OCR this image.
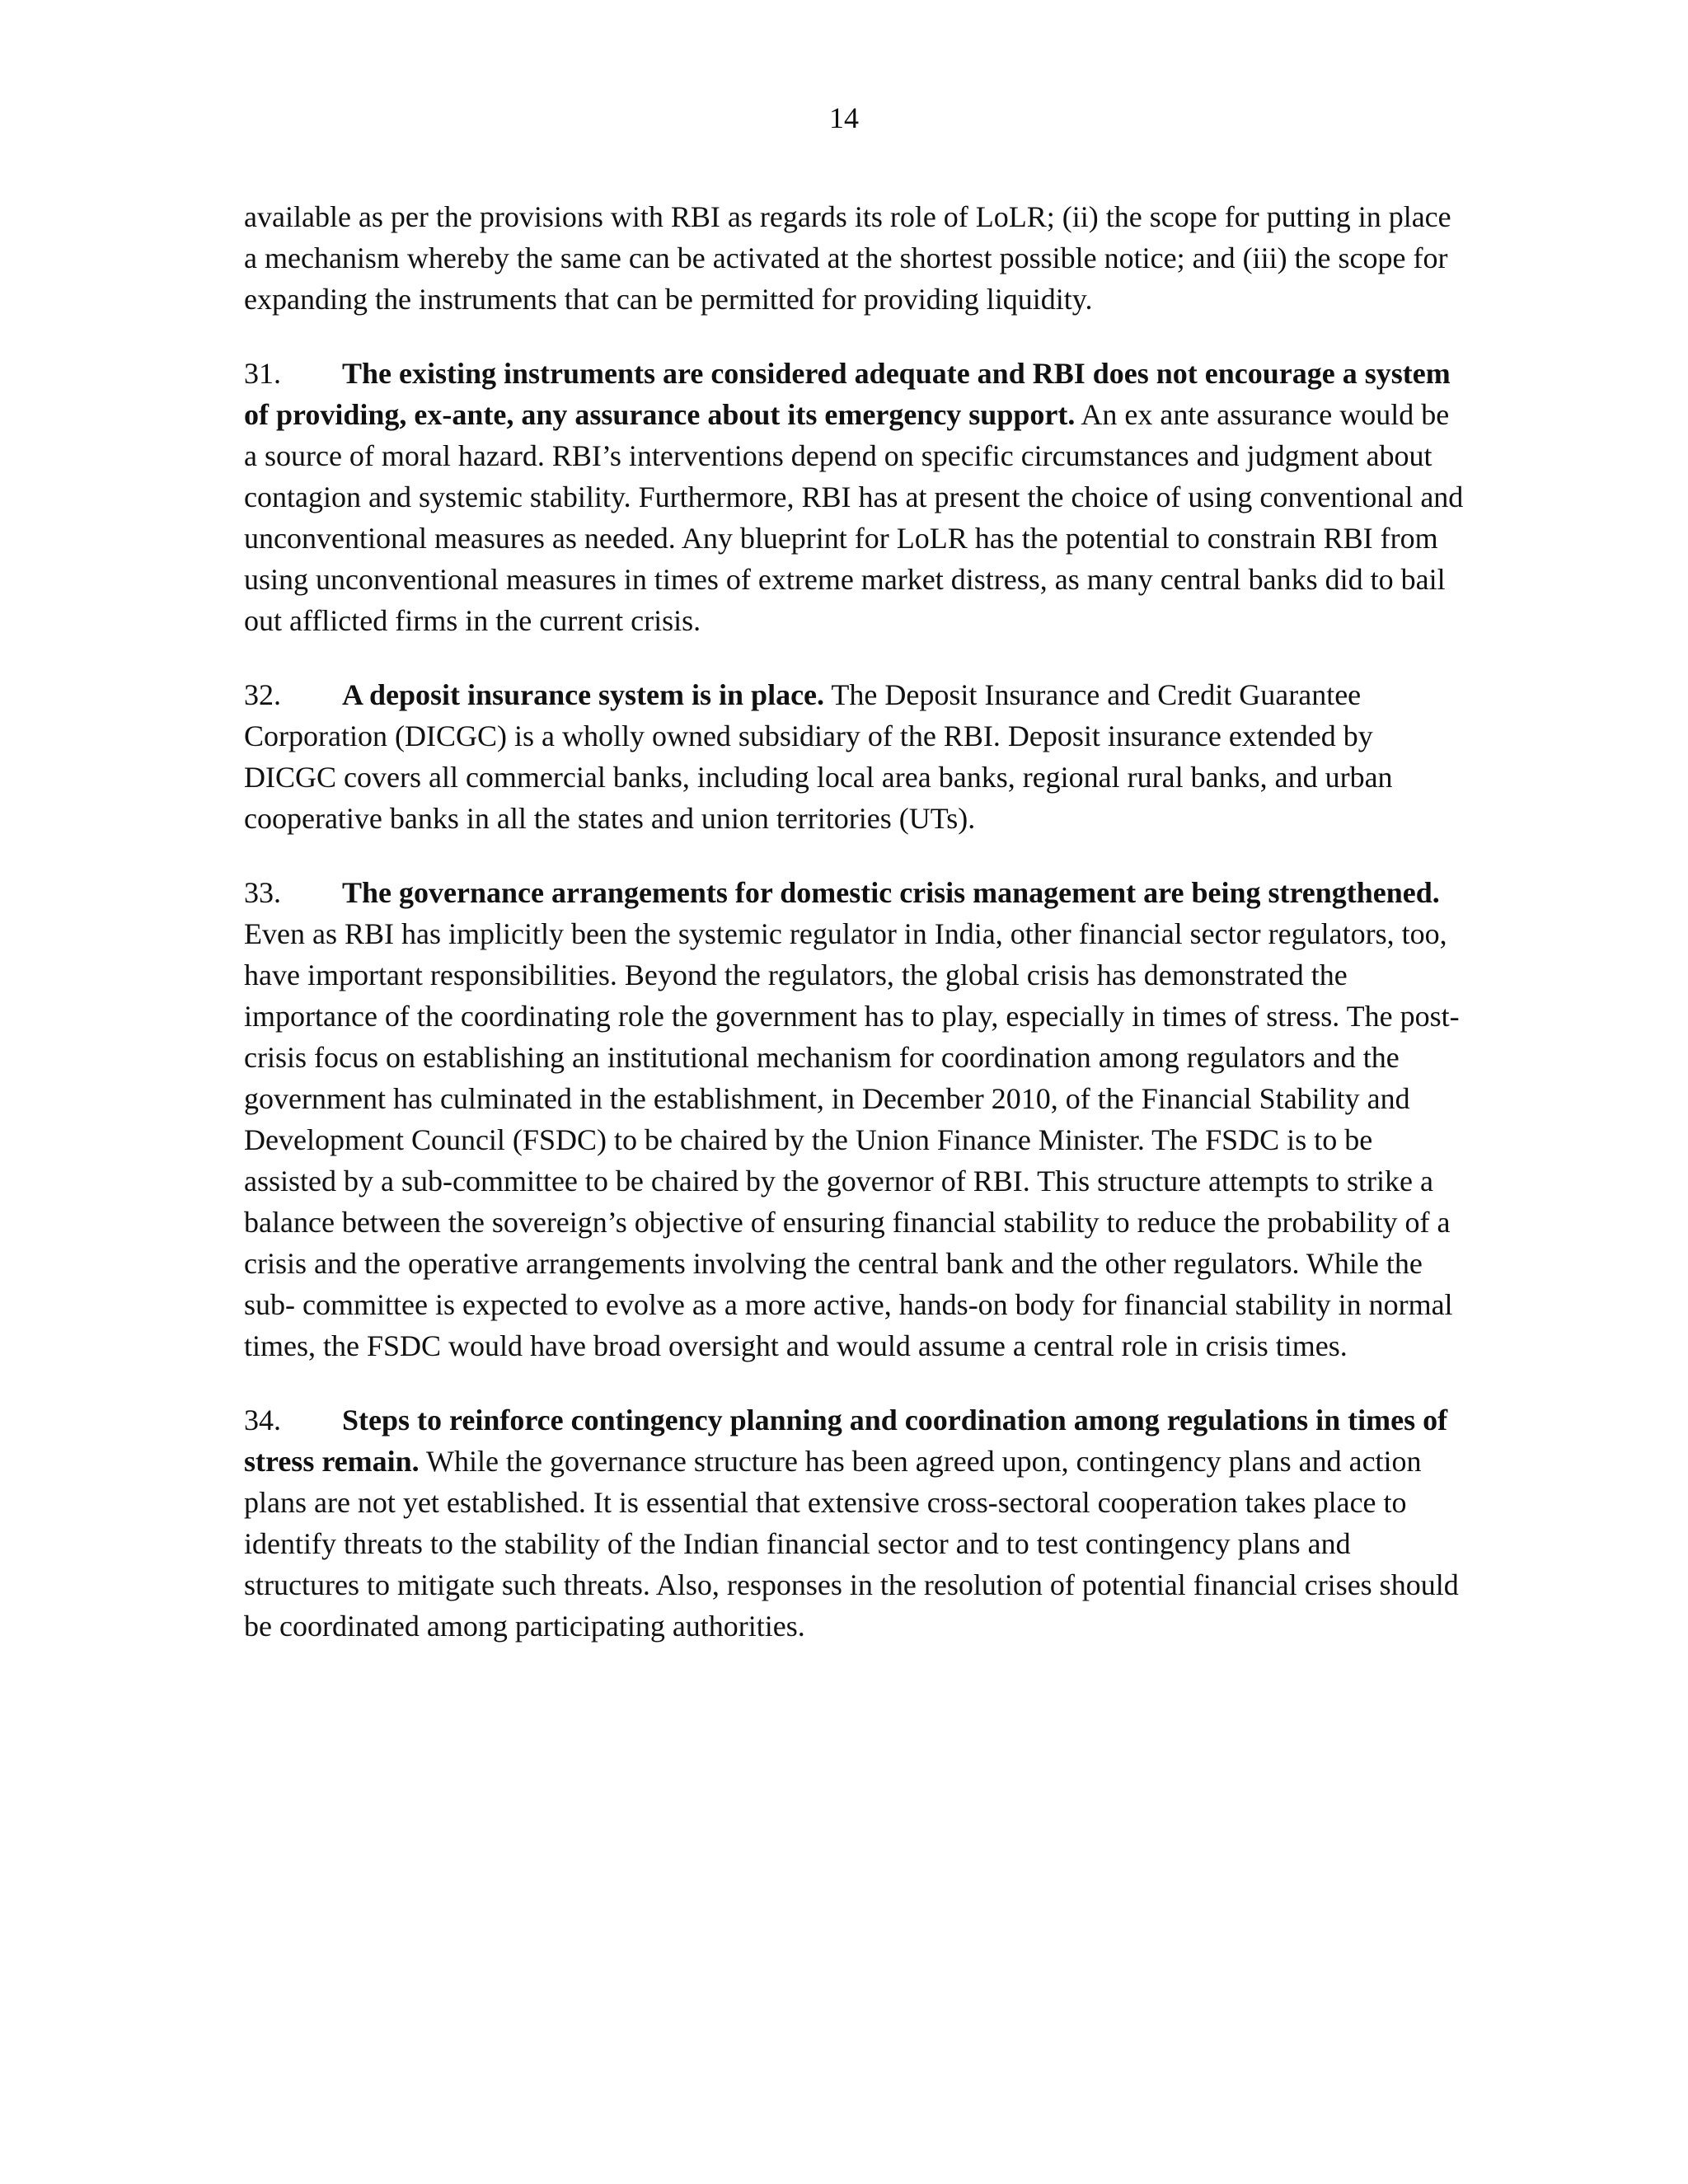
14

available as per the provisions with RBI as regards its role of LoLR; (ii) the scope for putting in place a mechanism whereby the same can be activated at the shortest possible notice; and (iii) the scope for expanding the instruments that can be permitted for providing liquidity.

31. The existing instruments are considered adequate and RBI does not encourage a system of providing, ex-ante, any assurance about its emergency support. An ex ante assurance would be a source of moral hazard. RBI’s interventions depend on specific circumstances and judgment about contagion and systemic stability. Furthermore, RBI has at present the choice of using conventional and unconventional measures as needed. Any blueprint for LoLR has the potential to constrain RBI from using unconventional measures in times of extreme market distress, as many central banks did to bail out afflicted firms in the current crisis.

32. A deposit insurance system is in place. The Deposit Insurance and Credit Guarantee Corporation (DICGC) is a wholly owned subsidiary of the RBI. Deposit insurance extended by DICGC covers all commercial banks, including local area banks, regional rural banks, and urban cooperative banks in all the states and union territories (UTs).

33. The governance arrangements for domestic crisis management are being strengthened. Even as RBI has implicitly been the systemic regulator in India, other financial sector regulators, too, have important responsibilities. Beyond the regulators, the global crisis has demonstrated the importance of the coordinating role the government has to play, especially in times of stress. The post-crisis focus on establishing an institutional mechanism for coordination among regulators and the government has culminated in the establishment, in December 2010, of the Financial Stability and Development Council (FSDC) to be chaired by the Union Finance Minister. The FSDC is to be assisted by a sub-committee to be chaired by the governor of RBI. This structure attempts to strike a balance between the sovereign’s objective of ensuring financial stability to reduce the probability of a crisis and the operative arrangements involving the central bank and the other regulators. While the sub- committee is expected to evolve as a more active, hands-on body for financial stability in normal times, the FSDC would have broad oversight and would assume a central role in crisis times.

34. Steps to reinforce contingency planning and coordination among regulations in times of stress remain. While the governance structure has been agreed upon, contingency plans and action plans are not yet established. It is essential that extensive cross-sectoral cooperation takes place to identify threats to the stability of the Indian financial sector and to test contingency plans and structures to mitigate such threats. Also, responses in the resolution of potential financial crises should be coordinated among participating authorities.
